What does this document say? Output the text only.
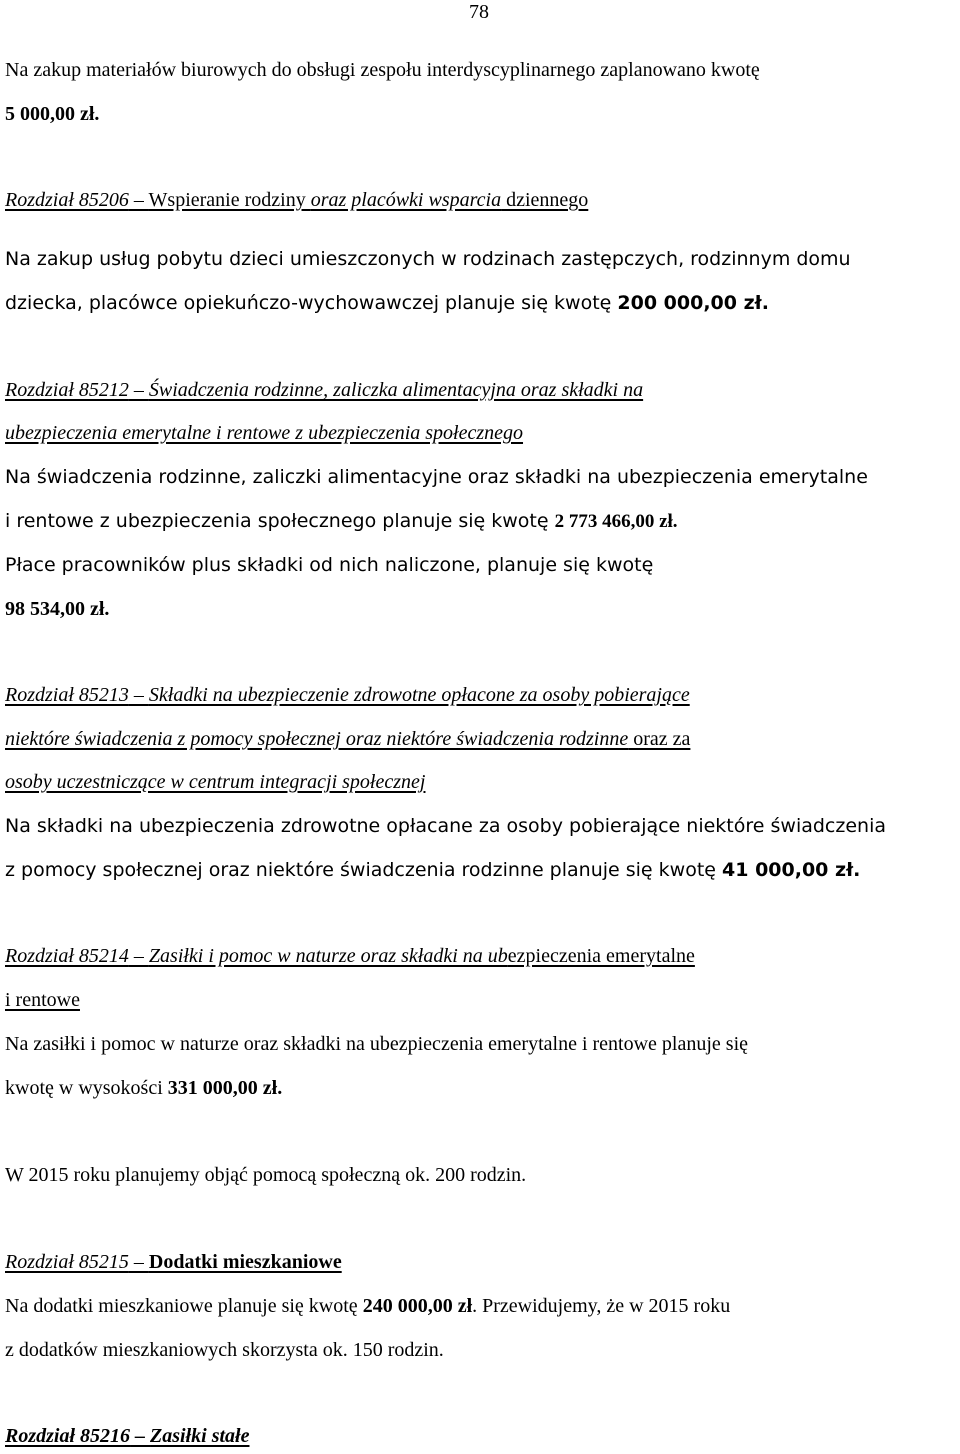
78
Na zakup materiałów biurowych do obsługi zespołu interdyscyplinarnego zaplanowano kwotę
5 000,00 zł.
Rozdział 85206 – Wspieranie rodziny oraz placówki wsparcia dziennego
Na zakup usług pobytu dzieci umieszczonych w rodzinach zastępczych, rodzinnym domu
dziecka, placówce opiekuńczo-wychowawczej planuje się kwotę 200 000,00 zł.
Rozdział 85212 – Świadczenia rodzinne, zaliczka alimentacyjna oraz składki na
ubezpieczenia emerytalne i rentowe z ubezpieczenia społecznego
Na świadczenia rodzinne, zaliczki alimentacyjne oraz składki na ubezpieczenia emerytalne
i rentowe z ubezpieczenia społecznego planuje się kwotę 2 773 466,00 zł.
Płace pracowników plus składki od nich naliczone, planuje się kwotę
98 534,00 zł.
Rozdział 85213 – Składki na ubezpieczenie zdrowotne opłacone za osoby pobierające
niektóre świadczenia z pomocy społecznej oraz niektóre świadczenia rodzinne oraz za
osoby uczestniczące w centrum integracji społecznej
Na składki na ubezpieczenia zdrowotne opłacane za osoby pobierające niektóre świadczenia
z pomocy społecznej oraz niektóre świadczenia rodzinne planuje się kwotę 41 000,00 zł.
Rozdział 85214 – Zasiłki i pomoc w naturze oraz składki na ubezpieczenia emerytalne
i rentowe
Na zasiłki i pomoc w naturze oraz składki na ubezpieczenia emerytalne i rentowe planuje się
kwotę w wysokości 331 000,00 zł.
W 2015 roku planujemy objąć pomocą społeczną ok. 200 rodzin.
Rozdział 85215 – Dodatki mieszkaniowe
Na dodatki mieszkaniowe planuje się kwotę 240 000,00 zł. Przewidujemy, że w 2015 roku
z dodatków mieszkaniowych skorzysta ok. 150 rodzin.
Rozdział 85216 – Zasiłki stałe
